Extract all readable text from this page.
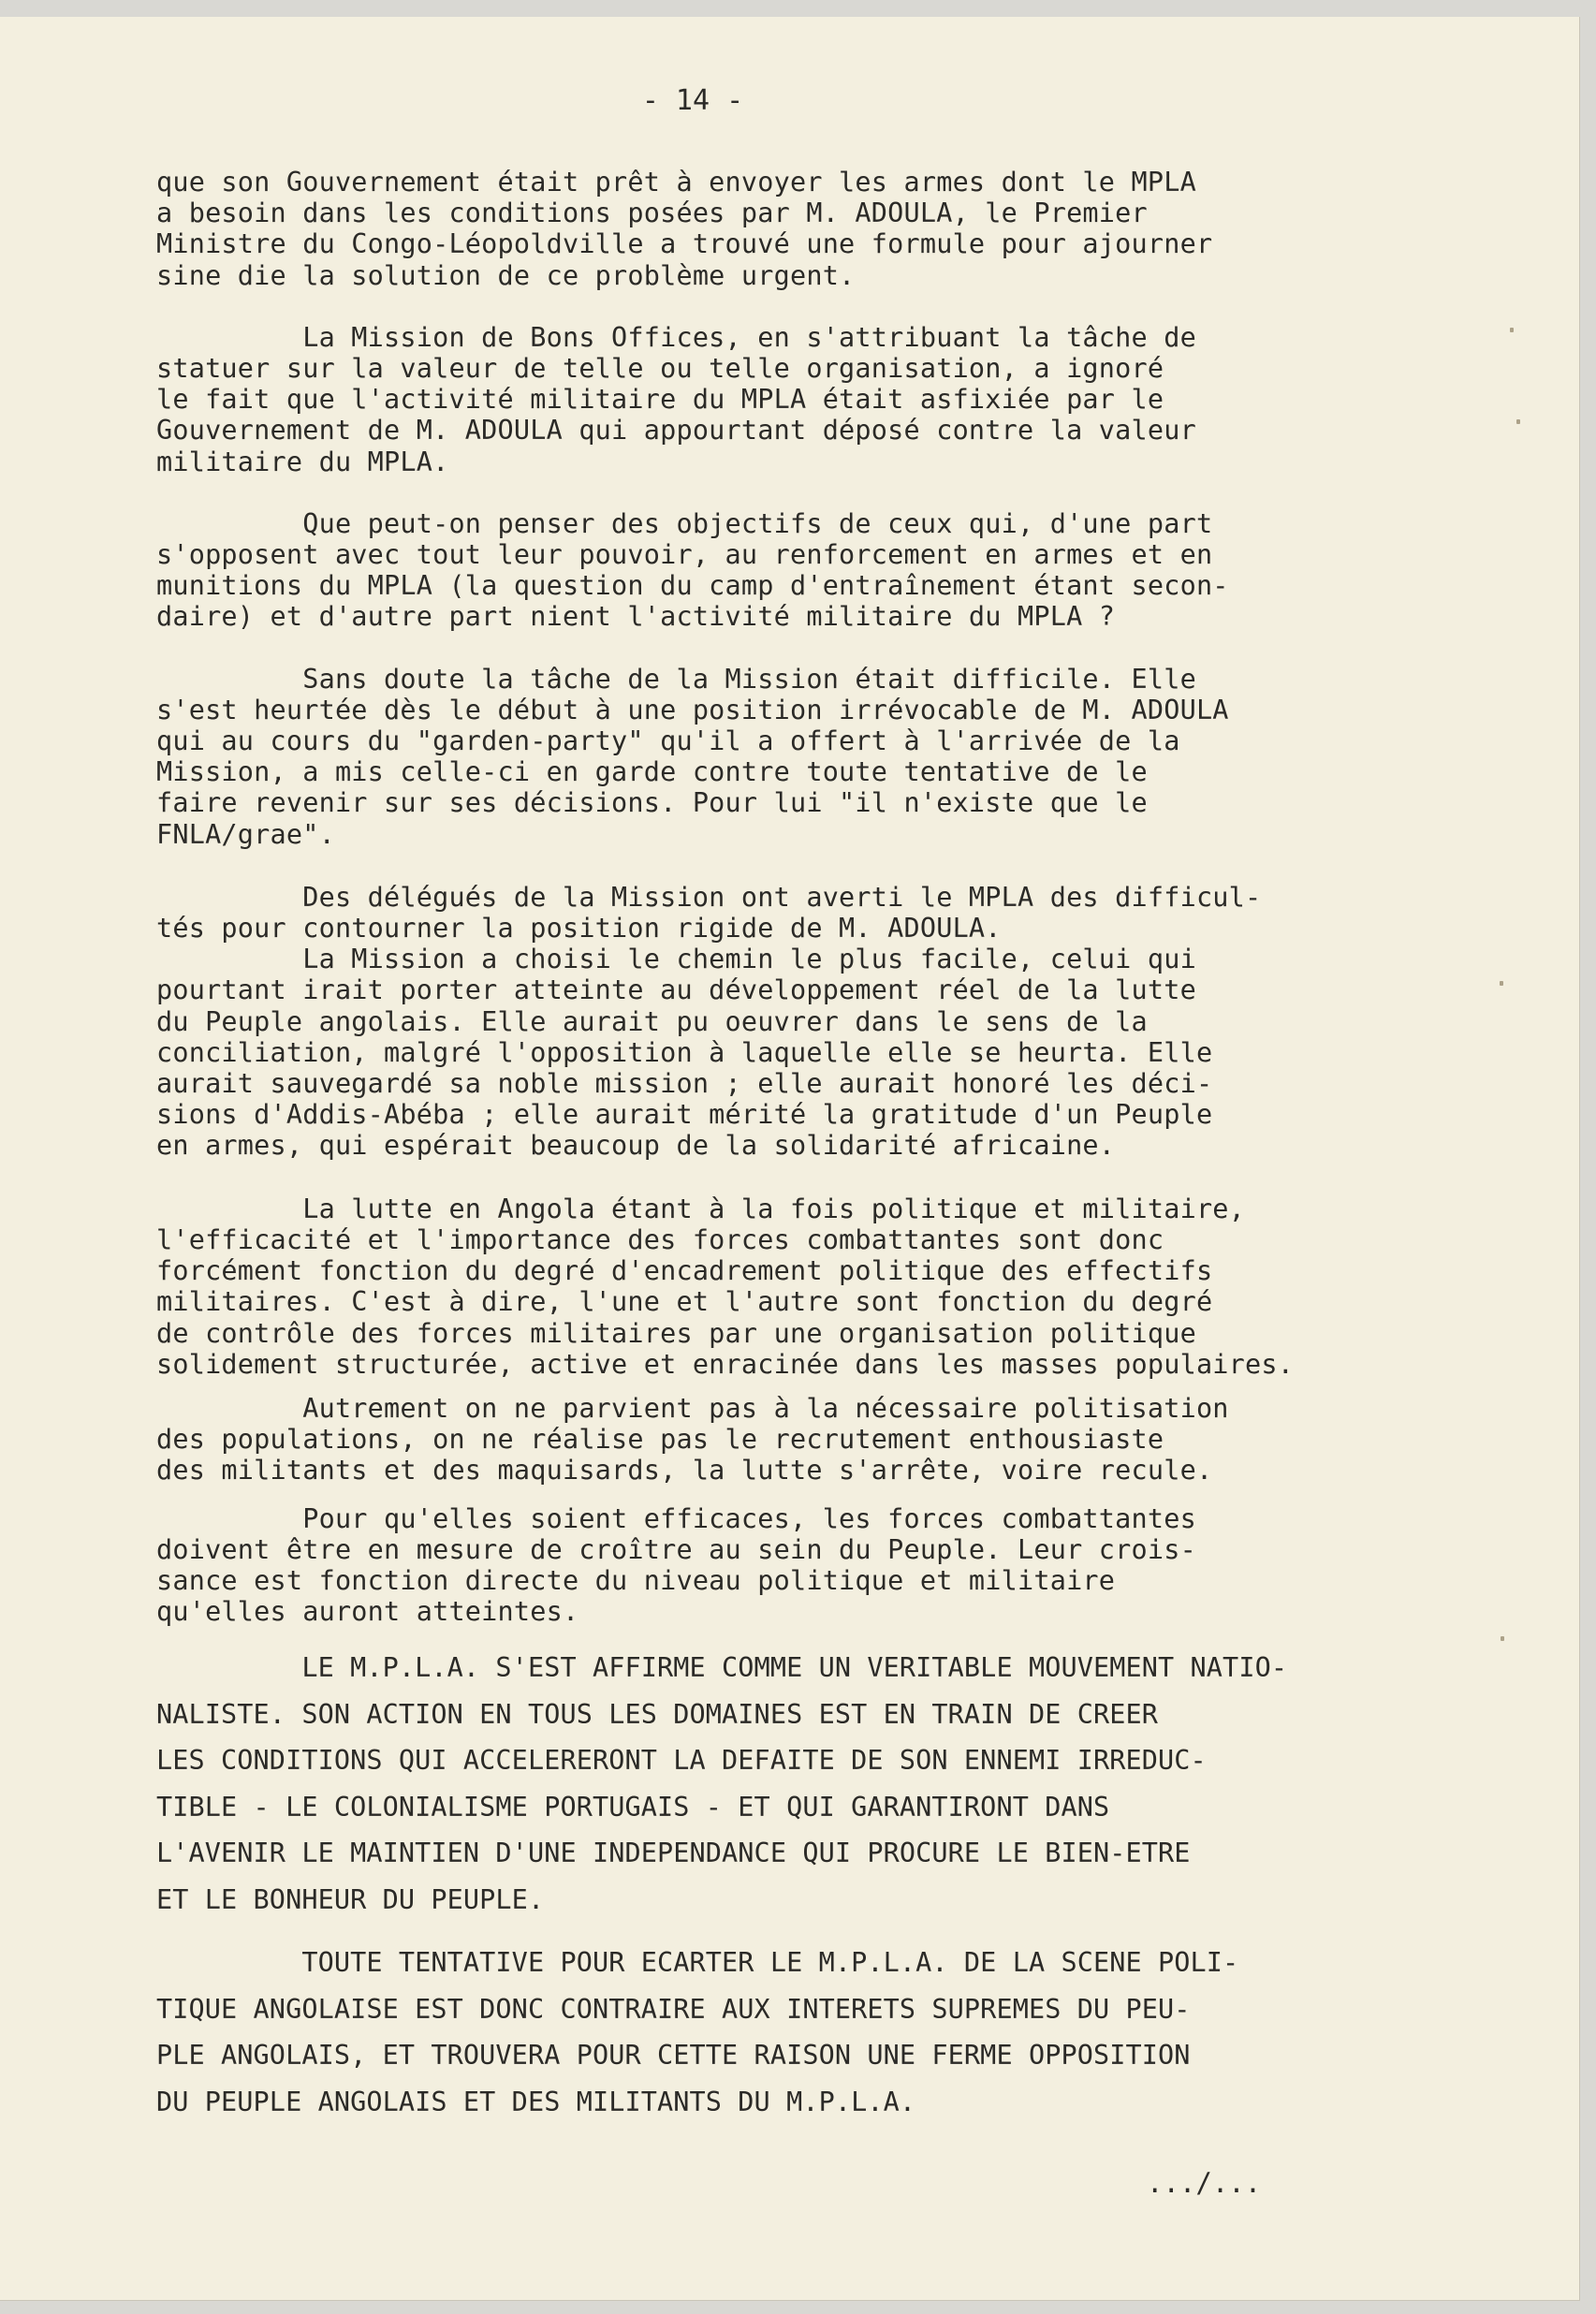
- 14 -

que son Gouvernement était prêt à envoyer les armes dont le MPLA
a besoin dans les conditions posées par M. ADOULA, le Premier
Ministre du Congo-Léopoldville a trouvé une formule pour ajourner
sine die la solution de ce problème urgent.

La Mission de Bons Offices, en s'attribuant la tâche de
statuer sur la valeur de telle ou telle organisation, a ignoré
le fait que l'activité militaire du MPLA était asfixiée par le
Gouvernement de M. ADOULA qui appourtant déposé contre la valeur
militaire du MPLA.

Que peut-on penser des objectifs de ceux qui, d'une part
s'opposent avec tout leur pouvoir, au renforcement en armes et en
munitions du MPLA (la question du camp d'entraînement étant secon-
daire) et d'autre part nient l'activité militaire du MPLA ?

Sans doute la tâche de la Mission était difficile. Elle
s'est heurtée dès le début à une position irrévocable de M. ADOULA
qui au cours du "garden-party" qu'il a offert à l'arrivée de la
Mission, a mis celle-ci en garde contre toute tentative de le
faire revenir sur ses décisions. Pour lui "il n'existe que le
FNLA/grae".

Des délégués de la Mission ont averti le MPLA des difficul-
tés pour contourner la position rigide de M. ADOULA.

La Mission a choisi le chemin le plus facile, celui qui
pourtant irait porter atteinte au développement réel de la lutte
du Peuple angolais. Elle aurait pu oeuvrer dans le sens de la
conciliation, malgré l'opposition à laquelle elle se heurta. Elle
aurait sauvegardé sa noble mission ; elle aurait honoré les déci-
sions d'Addis-Abéba ; elle aurait mérité la gratitude d'un Peuple
en armes, qui espérait beaucoup de la solidarité africaine.

La lutte en Angola étant à la fois politique et militaire,
l'efficacité et l'importance des forces combattantes sont donc
forcément fonction du degré d'encadrement politique des effectifs
militaires. C'est à dire, l'une et l'autre sont fonction du degré
de contrôle des forces militaires par une organisation politique
solidement structurée, active et enracinée dans les masses populaires.

Autrement on ne parvient pas à la nécessaire politisation
des populations, on ne réalise pas le recrutement enthousiaste
des militants et des maquisards, la lutte s'arrête, voire recule.

Pour qu'elles soient efficaces, les forces combattantes
doivent être en mesure de croître au sein du Peuple. Leur crois-
sance est fonction directe du niveau politique et militaire
qu'elles auront atteintes.

LE M.P.L.A. S'EST AFFIRME COMME UN VERITABLE MOUVEMENT NATIO-
NALISTE. SON ACTION EN TOUS LES DOMAINES EST EN TRAIN DE CREER
LES CONDITIONS QUI ACCELERERONT LA DEFAITE DE SON ENNEMI IRREDUC-
TIBLE - LE COLONIALISME PORTUGAIS - ET QUI GARANTIRONT DANS
L'AVENIR LE MAINTIEN D'UNE INDEPENDANCE QUI PROCURE LE BIEN-ETRE
ET LE BONHEUR DU PEUPLE.

TOUTE TENTATIVE POUR ECARTER LE M.P.L.A. DE LA SCENE POLI-
TIQUE ANGOLAISE EST DONC CONTRAIRE AUX INTERETS SUPREMES DU PEU-
PLE ANGOLAIS, ET TROUVERA POUR CETTE RAISON UNE FERME OPPOSITION
DU PEUPLE ANGOLAIS ET DES MILITANTS DU M.P.L.A.

.../...
